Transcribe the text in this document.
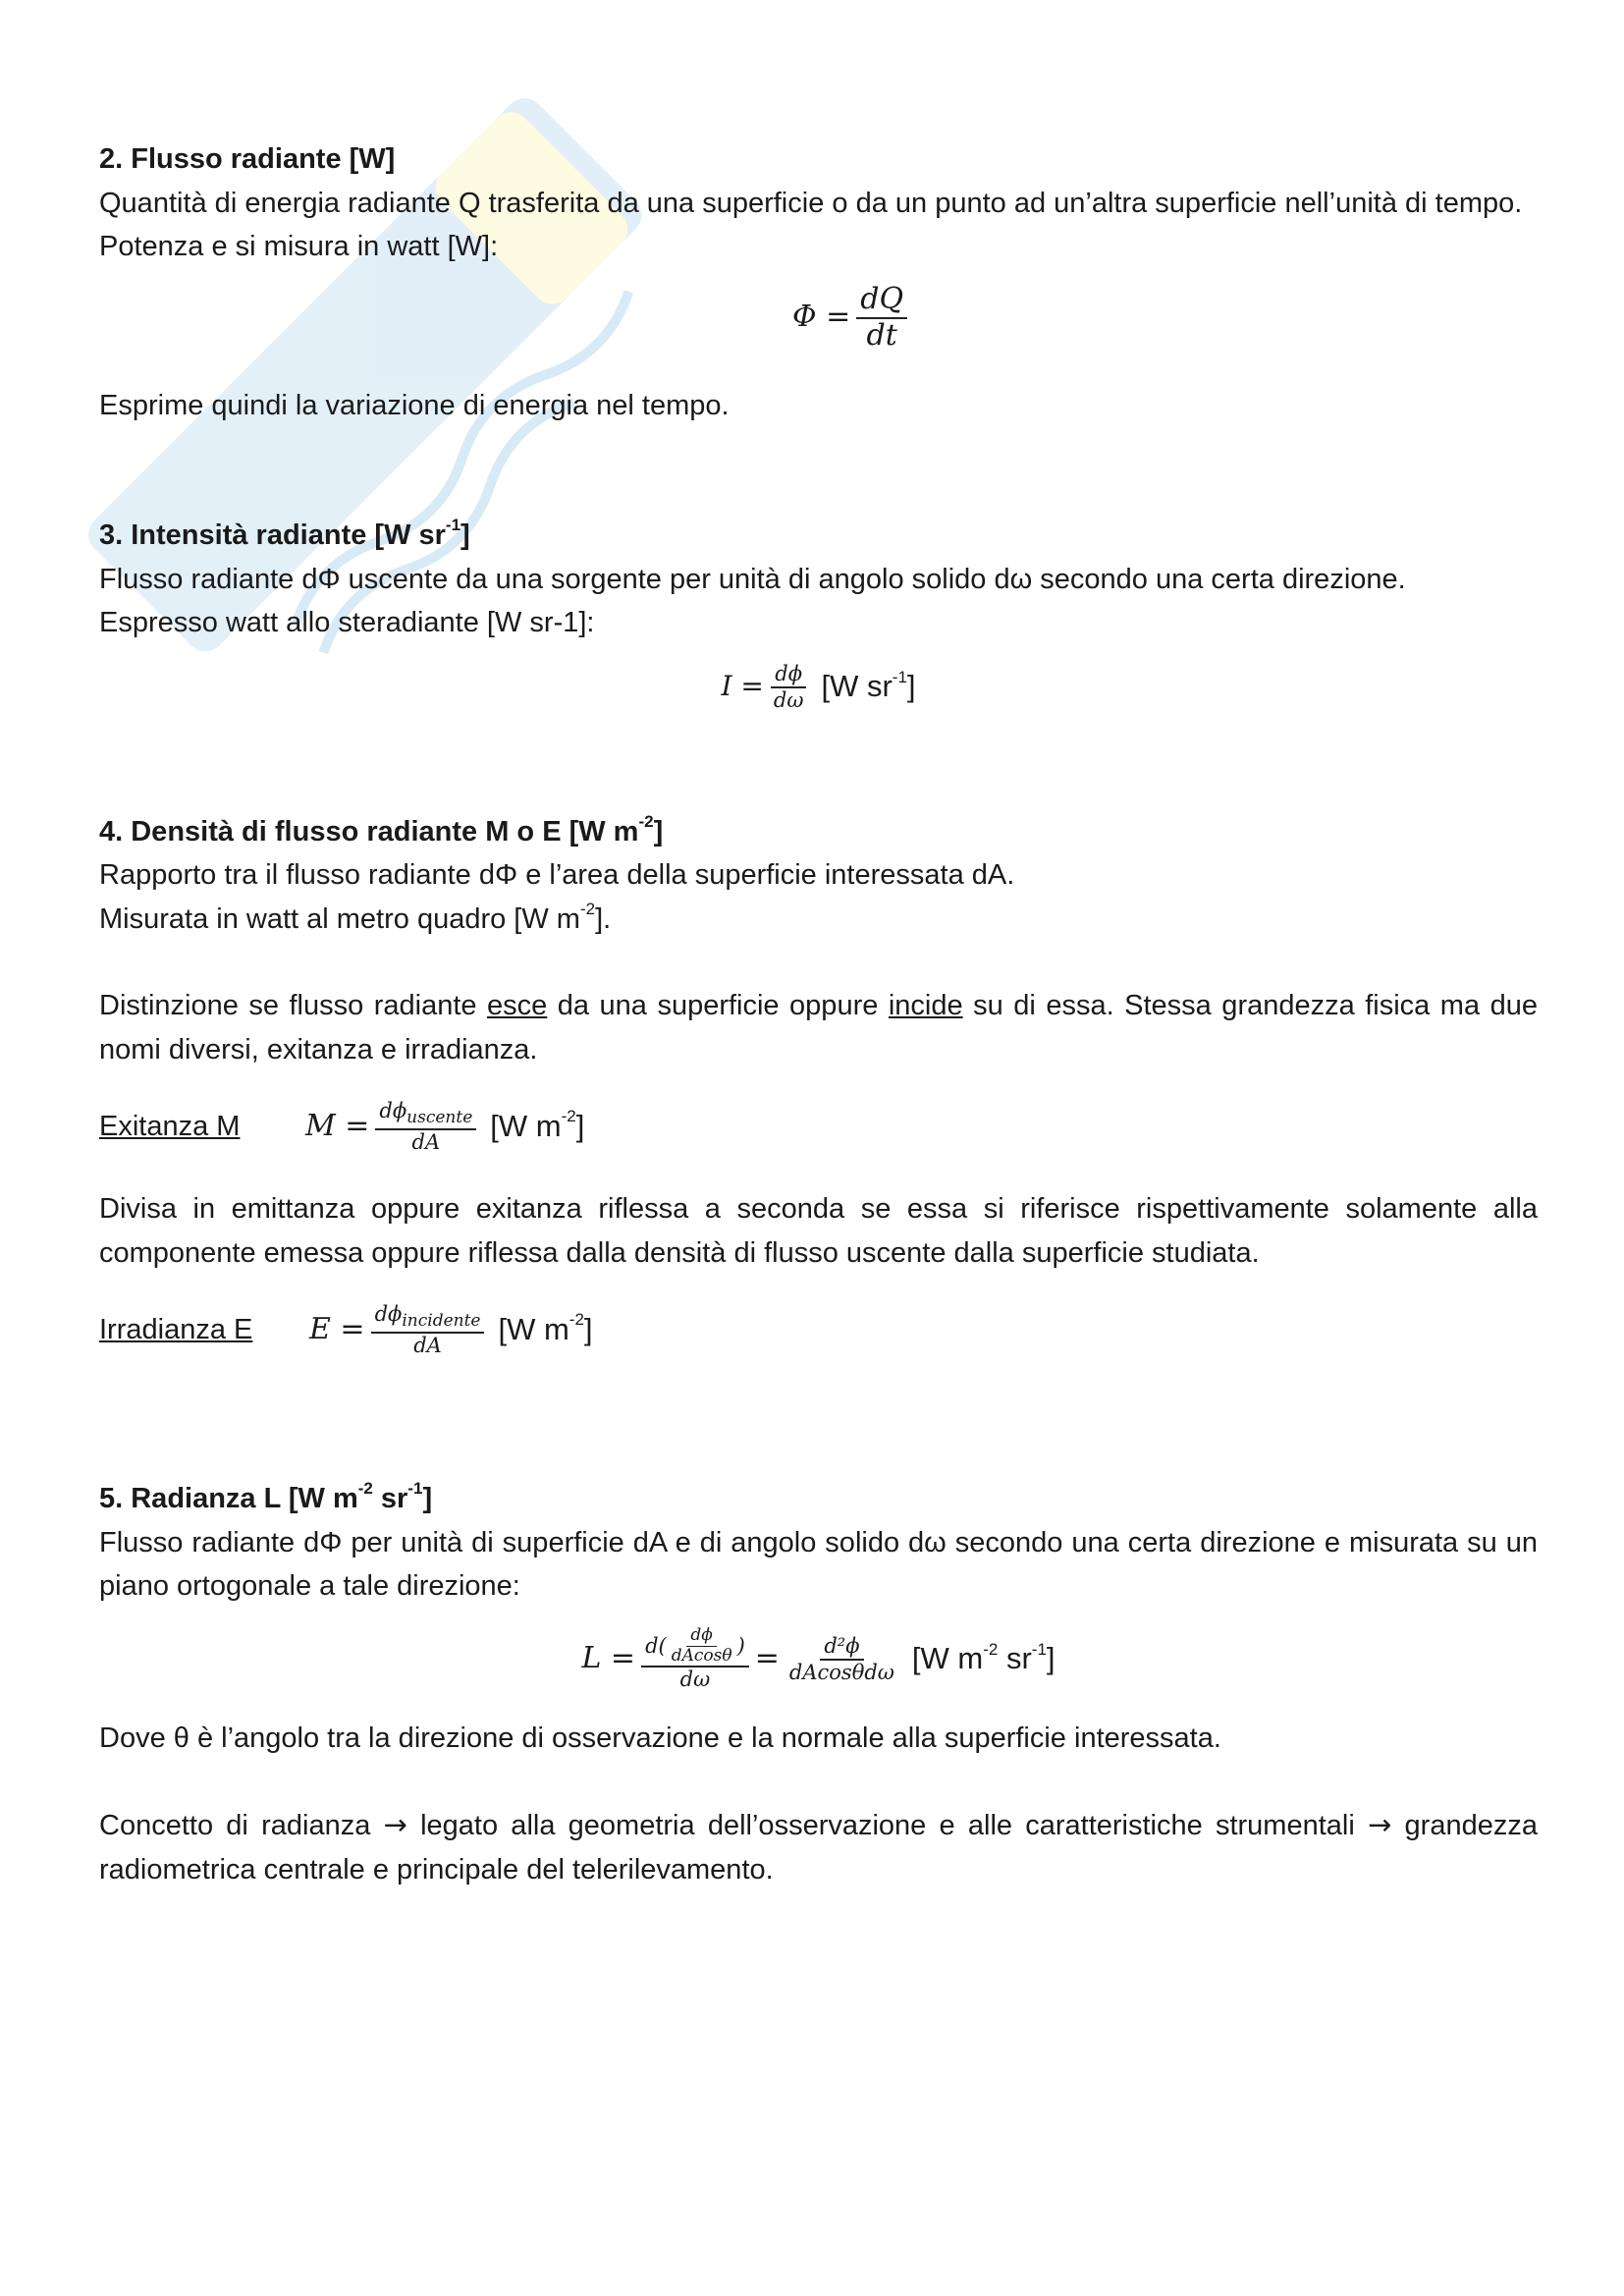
2. Flusso radiante [W]

Quantità di energia radiante Q trasferita da una superficie o da un punto ad un’altra superficie nell’unità di tempo.

Potenza e si misura in watt [W]:

$\Phi = \frac{dQ}{dt}$

Esprime quindi la variazione di energia nel tempo.

3. Intensità radiante [W $sr^{-1}$]

Flusso radiante dΦ uscente da una sorgente per unità di angolo solido dω secondo una certa direzione.

Espresso watt allo steradiante [W sr-1]:

$I = \frac{d\phi}{d\omega} [W$ $sr^{-1}$]

4. Densità di flusso radiante M o E [W $m^{-2}$]

Rapporto tra il flusso radiante dΦ e l’area della superficie interessata dA.

Misurata in watt al metro quadro [W $m^{-2}$].

Distinzione se flusso radiante esce da una superficie oppure incide su di essa. Stessa grandezza fisica ma due nomi diversi, exitanza e irradianza.

Exitanza M	$M = \frac{d\phi_{uscente}}{dA} [W$ $m^{-2}$]

Divisa in emittanza oppure exitanza riflessa a seconda se essa si riferisce rispettivamente solamente alla componente emessa oppure riflessa dalla densità di flusso uscente dalla superficie studiata.

Irradianza E	$E = \frac{d\phi_{incidente}}{dA} [W$ $m^{-2}$]

5. Radianza L [W $m^{-2}$ $sr^{-1}$]

Flusso radiante dΦ per unità di superficie dA e di angolo solido dω secondo una certa direzione e misurata su un piano ortogonale a tale direzione:

$L = d( \frac{d\phi}{dAcos\theta}$ )
dω
= $\frac{\text{d²ϕ}}{\text{dAcosθdω}} [W$ $m^{-2}$ $sr^{-1}$]

Dove θ è l’angolo tra la direzione di osservazione e la normale alla superficie interessata.

Concetto di radianza → legato alla geometria dell’osservazione e alle caratteristiche strumentali → grandezza radiometrica centrale e principale del telerilevamento.
